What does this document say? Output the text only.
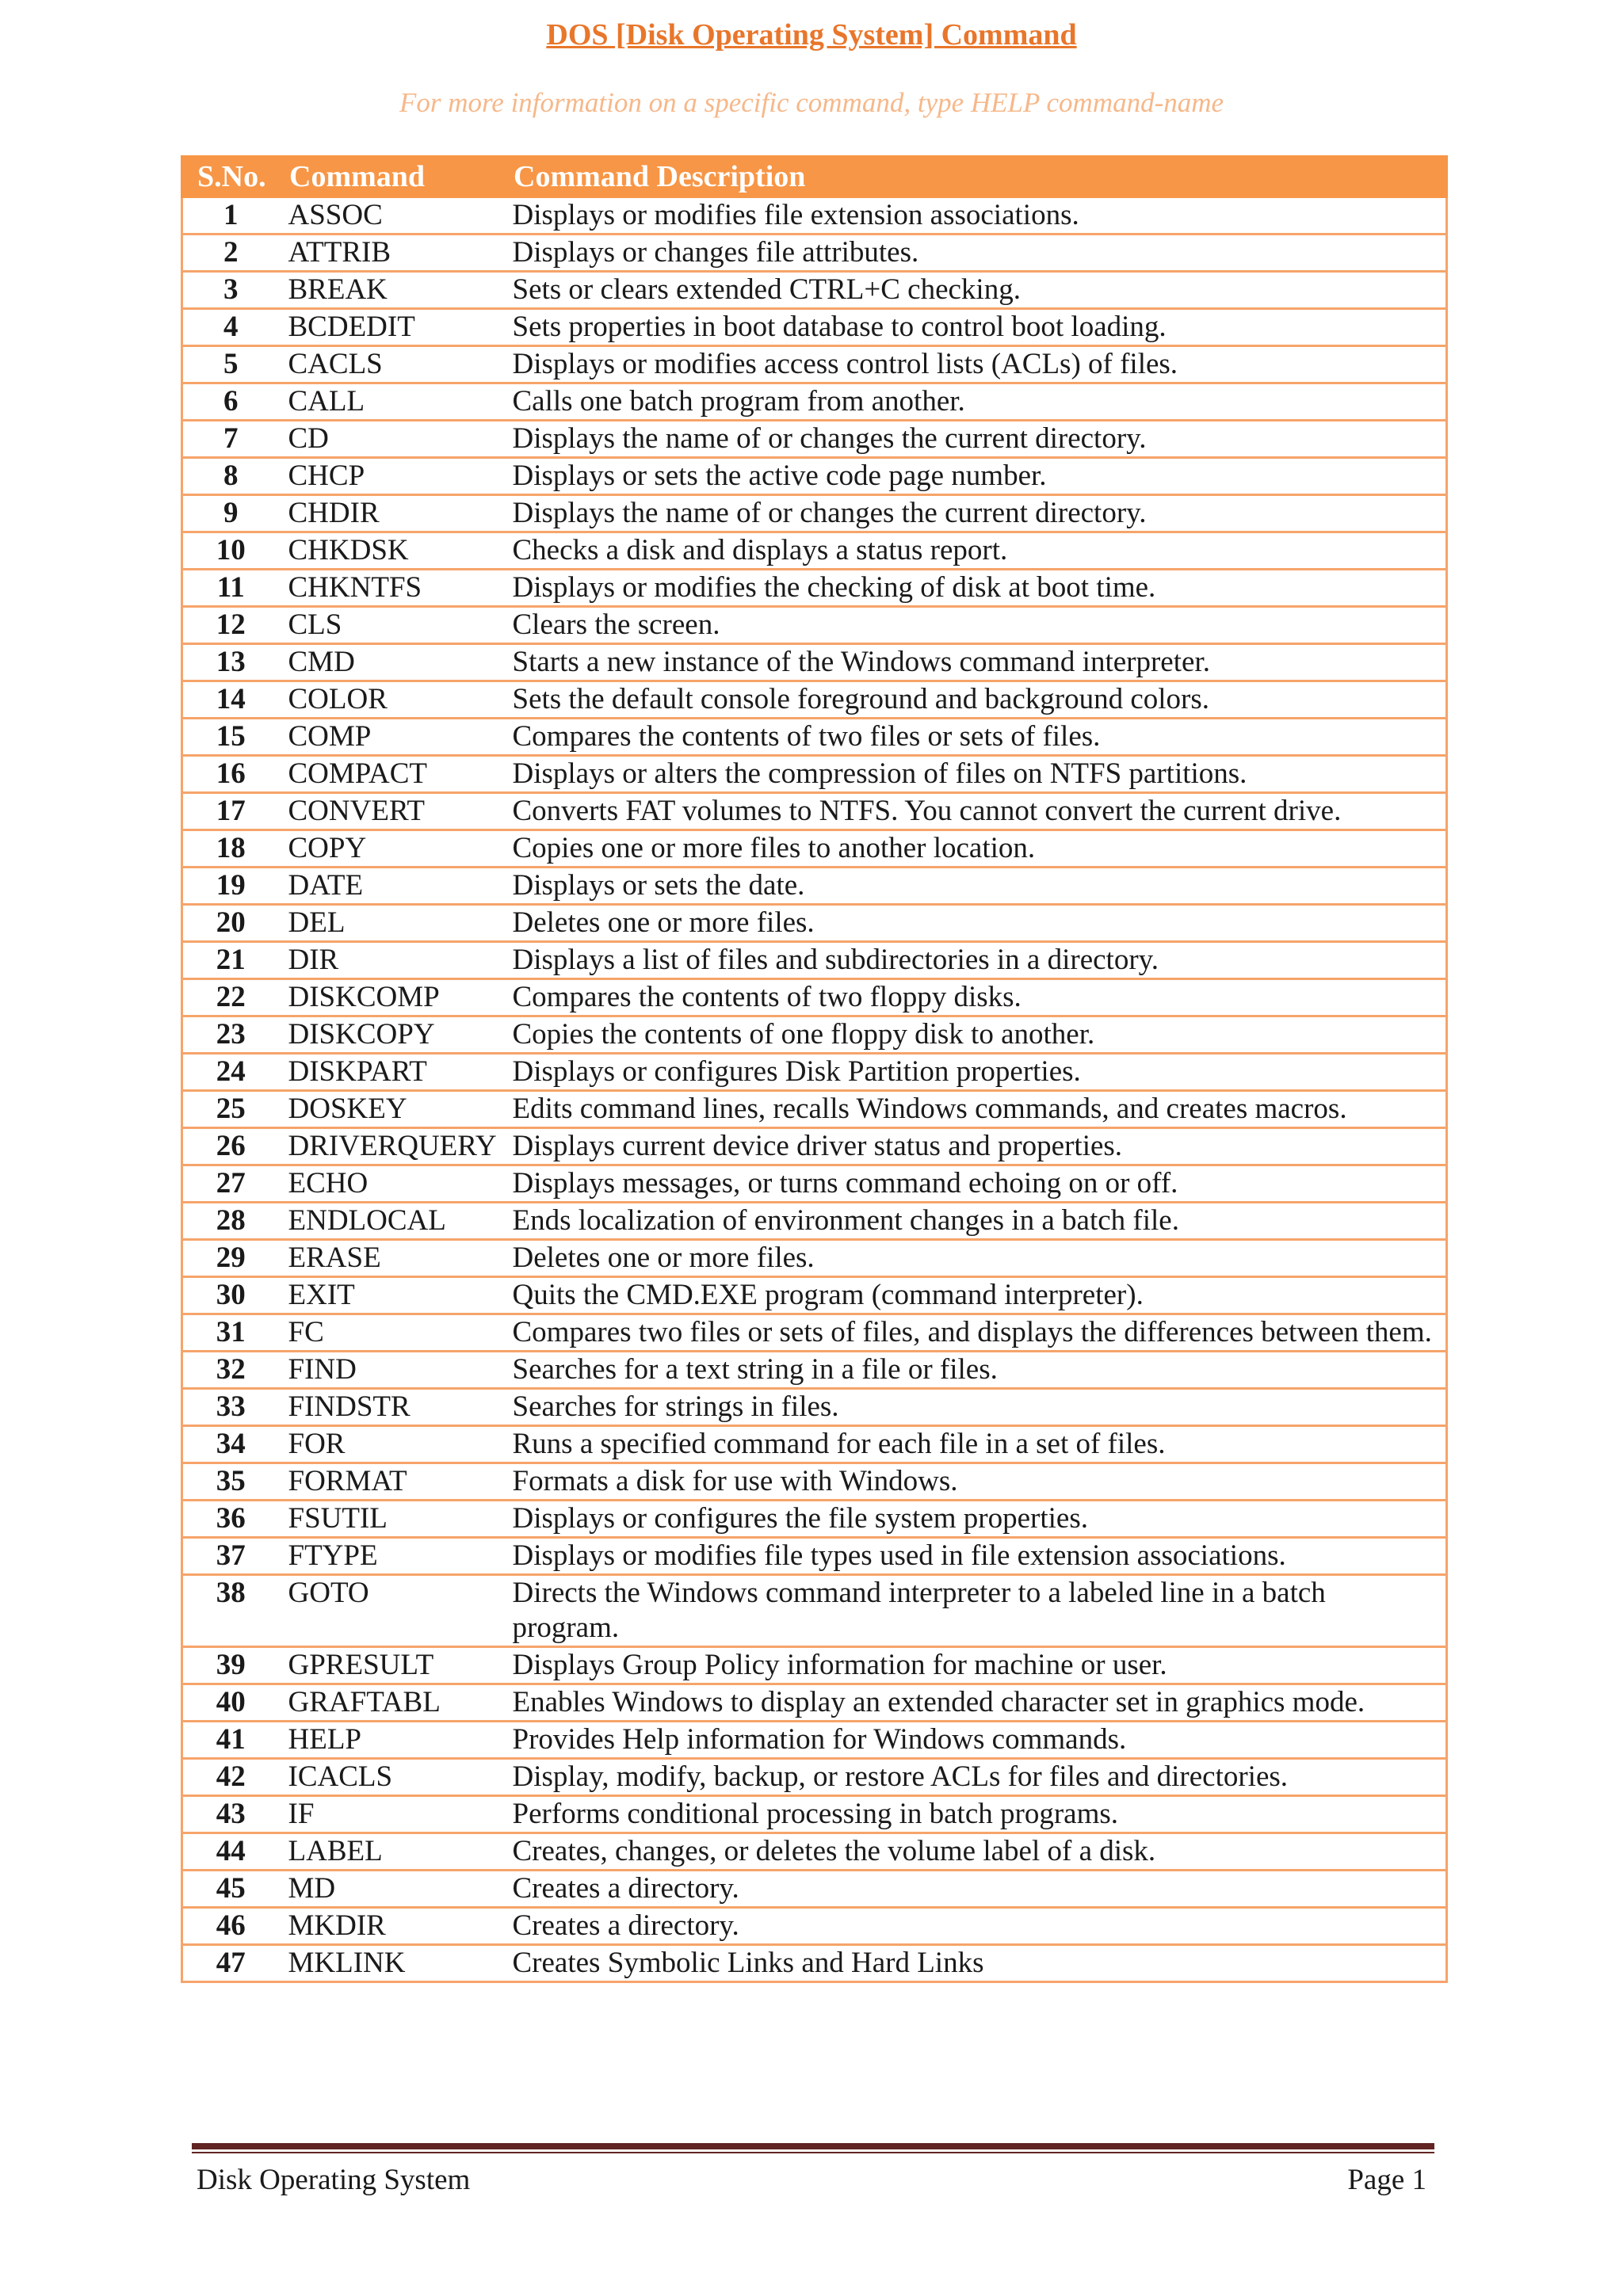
DOS [Disk Operating System] Command
For more information on a specific command, type HELP command-name
S.No.	Command	Command Description
1	ASSOC	Displays or modifies file extension associations.
2	ATTRIB	Displays or changes file attributes.
3	BREAK	Sets or clears extended CTRL+C checking.
4	BCDEDIT	Sets properties in boot database to control boot loading.
5	CACLS	Displays or modifies access control lists (ACLs) of files.
6	CALL	Calls one batch program from another.
7	CD	Displays the name of or changes the current directory.
8	CHCP	Displays or sets the active code page number.
9	CHDIR	Displays the name of or changes the current directory.
10	CHKDSK	Checks a disk and displays a status report.
11	CHKNTFS	Displays or modifies the checking of disk at boot time.
12	CLS	Clears the screen.
13	CMD	Starts a new instance of the Windows command interpreter.
14	COLOR	Sets the default console foreground and background colors.
15	COMP	Compares the contents of two files or sets of files.
16	COMPACT	Displays or alters the compression of files on NTFS partitions.
17	CONVERT	Converts FAT volumes to NTFS. You cannot convert the current drive.
18	COPY	Copies one or more files to another location.
19	DATE	Displays or sets the date.
20	DEL	Deletes one or more files.
21	DIR	Displays a list of files and subdirectories in a directory.
22	DISKCOMP	Compares the contents of two floppy disks.
23	DISKCOPY	Copies the contents of one floppy disk to another.
24	DISKPART	Displays or configures Disk Partition properties.
25	DOSKEY	Edits command lines, recalls Windows commands, and creates macros.
26	DRIVERQUERY	Displays current device driver status and properties.
27	ECHO	Displays messages, or turns command echoing on or off.
28	ENDLOCAL	Ends localization of environment changes in a batch file.
29	ERASE	Deletes one or more files.
30	EXIT	Quits the CMD.EXE program (command interpreter).
31	FC	Compares two files or sets of files, and displays the differences between them.
32	FIND	Searches for a text string in a file or files.
33	FINDSTR	Searches for strings in files.
34	FOR	Runs a specified command for each file in a set of files.
35	FORMAT	Formats a disk for use with Windows.
36	FSUTIL	Displays or configures the file system properties.
37	FTYPE	Displays or modifies file types used in file extension associations.
38	GOTO	Directs the Windows command interpreter to a labeled line in a batch program.
39	GPRESULT	Displays Group Policy information for machine or user.
40	GRAFTABL	Enables Windows to display an extended character set in graphics mode.
41	HELP	Provides Help information for Windows commands.
42	ICACLS	Display, modify, backup, or restore ACLs for files and directories.
43	IF	Performs conditional processing in batch programs.
44	LABEL	Creates, changes, or deletes the volume label of a disk.
45	MD	Creates a directory.
46	MKDIR	Creates a directory.
47	MKLINK	Creates Symbolic Links and Hard Links
Disk Operating System	Page 1
